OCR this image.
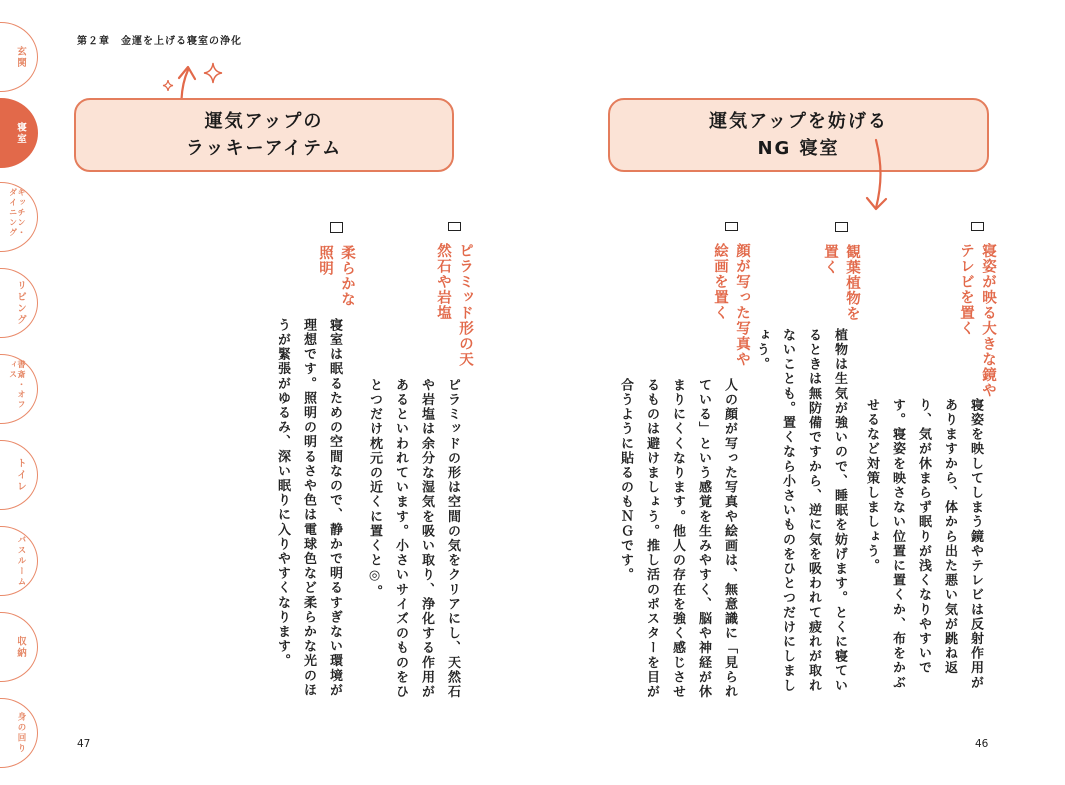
玄関
寝室
キッチン・ダイニング
リビング
書斎・オフィス
トイレ
バスルーム
収納
身の回り
第２章　金運を上げる寝室の浄化
運気アップの
ラッキーアイテム
運気アップを妨げる
NG 寝室
ピラミッド形の天然石や岩塩
ピラミッドの形は空間の気をクリアにし、天然石や岩塩は余分な湿気を吸い取り、浄化する作用があるといわれています。小さいサイズのものをひとつだけ枕元の近くに置くと◎。
柔らかな照明
寝室は眠るための空間なので、静かで明るすぎない環境が理想です。照明の明るさや色は電球色など柔らかな光のほうが緊張がゆるみ、深い眠りに入りやすくなります。	寝姿が映る大きな鏡やテレビを置く
寝姿を映してしまう鏡やテレビは反射作用がありますから、体から出た悪い気が跳ね返り、気が休まらず眠りが浅くなりやすいです。寝姿を映さない位置に置くか、布をかぶせるなど対策しましょう。
観葉植物を置く
植物は生気が強いので、睡眠を妨げます。とくに寝ているときは無防備ですから、逆に気を吸われて疲れが取れないことも。置くなら小さいものをひとつだけにしましょう。
顔が写った写真や絵画を置く
人の顔が写った写真や絵画は、無意識に「見られている」という感覚を生みやすく、脳や神経が休まりにくくなります。他人の存在を強く感じさせるものは避けましょう。推し活のポスターを目が合うように貼るのもＮＧです。
47	46
